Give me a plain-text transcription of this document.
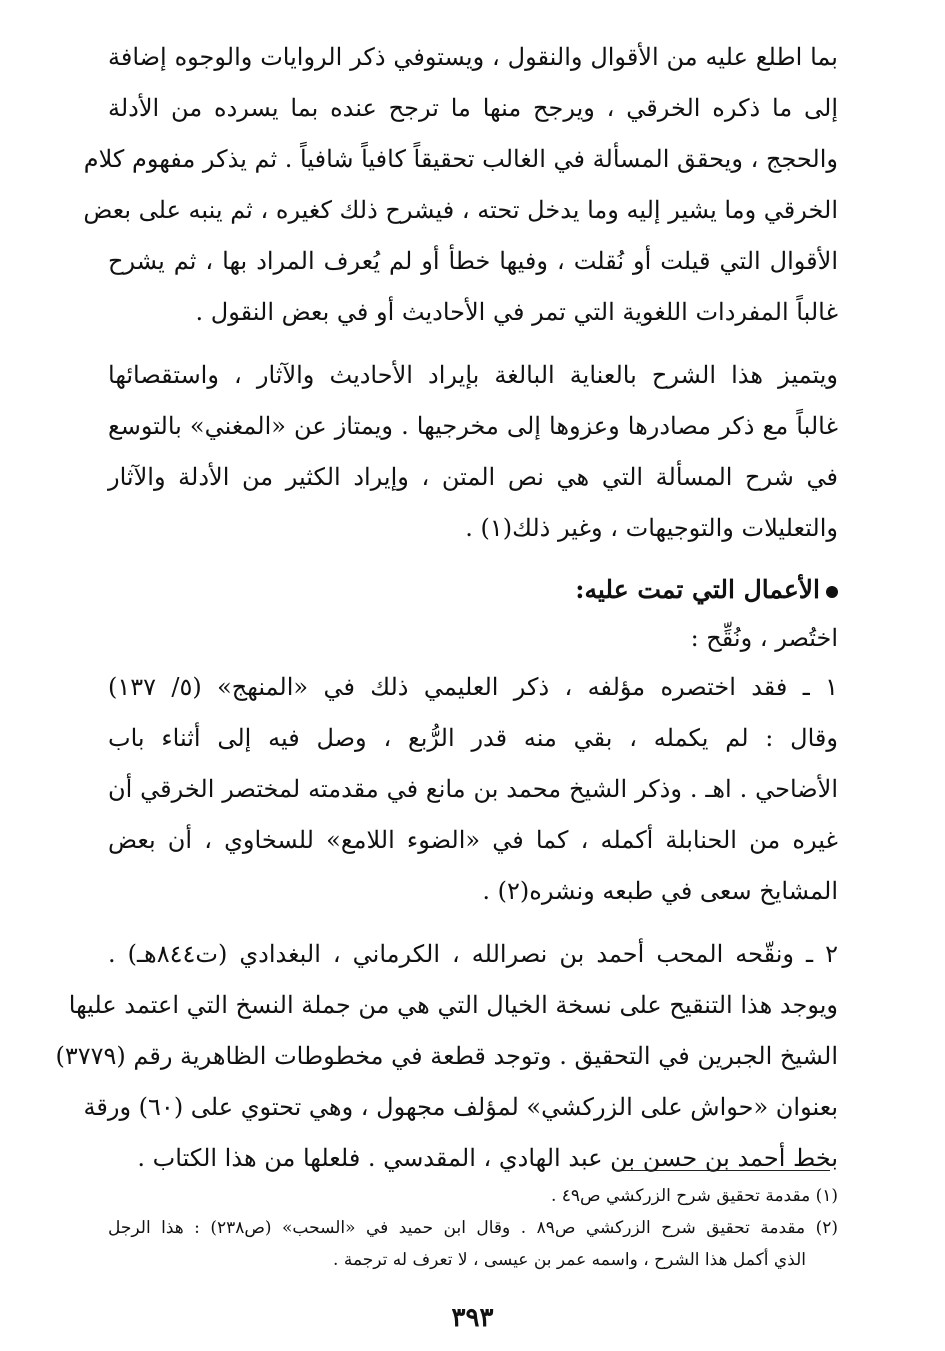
بما اطلع عليه من الأقوال والنقول ، ويستوفي ذكر الروايات والوجوه إضافة
إلى ما ذكره الخرقي ، ويرجح منها ما ترجح عنده بما يسرده من الأدلة
والحجج ، ويحقق المسألة في الغالب تحقيقاً كافياً شافياً . ثم يذكر مفهوم كلام
الخرقي وما يشير إليه وما يدخل تحته ، فيشرح ذلك كغيره ، ثم ينبه على بعض
الأقوال التي قيلت أو نُقلت ، وفيها خطأ أو لم يُعرف المراد بها ، ثم يشرح
غالباً المفردات اللغوية التي تمر في الأحاديث أو في بعض النقول .

ويتميز هذا الشرح بالعناية البالغة بإيراد الأحاديث والآثار ، واستقصائها
غالباً مع ذكر مصادرها وعزوها إلى مخرجيها . ويمتاز عن «المغني» بالتوسع
في شرح المسألة التي هي نص المتن ، وإيراد الكثير من الأدلة والآثار
والتعليلات والتوجيهات ، وغير ذلك(١) .

الأعمال التي تمت عليه:

اختُصر ، ونُقِّح :

١ ـ فقد اختصره مؤلفه ، ذكر العليمي ذلك في «المنهج» (٥/ ١٣٧)
وقال : لم يكمله ، بقي منه قدر الرُّبع ، وصل فيه إلى أثناء باب
الأضاحي . اهـ . وذكر الشيخ محمد بن مانع في مقدمته لمختصر الخرقي أن
غيره من الحنابلة أكمله ، كما في «الضوء اللامع» للسخاوي ، أن بعض
المشايخ سعى في طبعه ونشره(٢) .

٢ ـ ونقّحه المحب أحمد بن نصرالله ، الكرماني ، البغدادي (ت٨٤٤هـ) .
ويوجد هذا التنقيح على نسخة الخيال التي هي من جملة النسخ التي اعتمد عليها
الشيخ الجبرين في التحقيق . وتوجد قطعة في مخطوطات الظاهرية رقم (٣٧٧٩)
بعنوان «حواش على الزركشي» لمؤلف مجهول ، وهي تحتوي على (٦٠) ورقة
بخط أحمد بن حسن بن عبد الهادي ، المقدسي . فلعلها من هذا الكتاب .

(١) مقدمة تحقيق شرح الزركشي ص٤٩ .

(٢) مقدمة تحقيق شرح الزركشي ص٨٩ . وقال ابن حميد في «السحب» (ص٢٣٨) : هذا الرجل
الذي أكمل هذا الشرح ، واسمه عمر بن عيسى ، لا تعرف له ترجمة .

٣٩٣
